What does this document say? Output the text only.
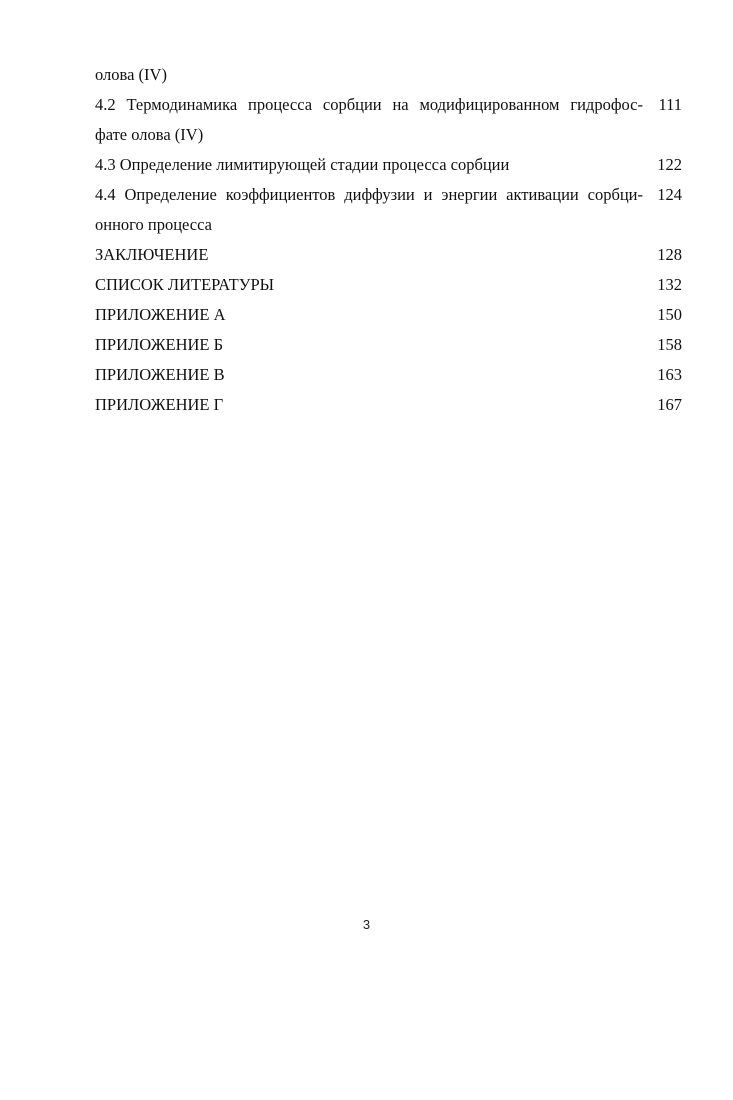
олова (IV)
4.2 Термодинамика процесса сорбции на модифицированном гидрофос- 111
фате олова (IV)
4.3 Определение лимитирующей стадии процесса сорбции	122
4.4 Определение коэффициентов диффузии и энергии активации сорбци- 124
онного процесса
ЗАКЛЮЧЕНИЕ	128
СПИСОК ЛИТЕРАТУРЫ	132
ПРИЛОЖЕНИЕ А	150
ПРИЛОЖЕНИЕ Б	158
ПРИЛОЖЕНИЕ В	163
ПРИЛОЖЕНИЕ Г	167
3
